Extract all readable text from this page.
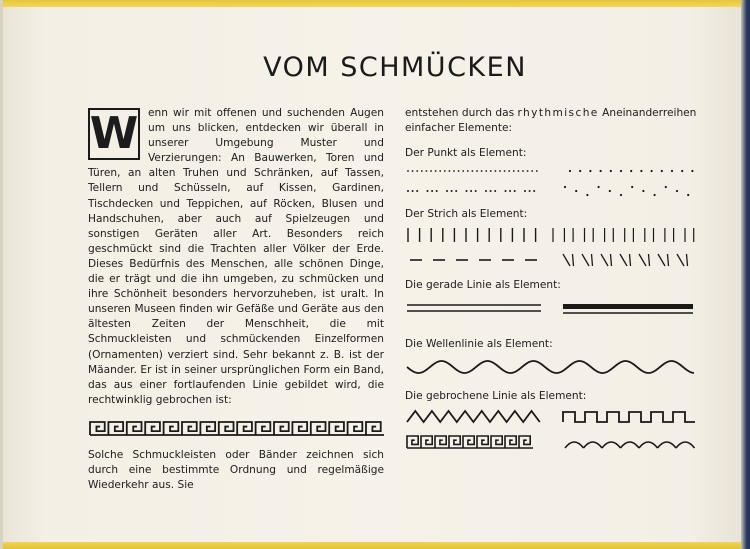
VOM SCHMÜCKEN
W enn wir mit offenen und suchenden Augen um uns blicken, entdecken wir überall in unserer Umgebung Muster und Verzierungen: An Bauwerken, Toren und Türen, an alten Truhen und Schränken, auf Tassen, Tellern und Schüsseln, auf Kissen, Gardinen, Tischdecken und Teppichen, auf Röcken, Blusen und Handschuhen, aber auch auf Spielzeugen und sonstigen Geräten aller Art. Besonders reich geschmückt sind die Trachten aller Völker der Erde. Dieses Bedürfnis des Menschen, alle schönen Dinge, die er trägt und die ihn umgeben, zu schmücken und ihre Schönheit besonders hervorzuheben, ist uralt. In unseren Museen finden wir Gefäße und Geräte aus den ältesten Zeiten der Menschheit, die mit Schmuckleisten und schmückenden Einzelformen (Ornamenten) verziert sind. Sehr bekannt z. B. ist der Mäander. Er ist in seiner ursprünglichen Form ein Band, das aus einer fortlaufenden Linie gebildet wird, die rechtwinklig gebrochen ist:

Solche Schmuckleisten oder Bänder zeichnen sich durch eine bestimmte Ordnung und regelmäßige Wiederkehr aus. Sie

entstehen durch das rhythmische Aneinanderreihen einfacher Elemente:

Der Punkt als Element:
Der Strich als Element:
Die gerade Linie als Element:
Die Wellenlinie als Element:
Die gebrochene Linie als Element:
